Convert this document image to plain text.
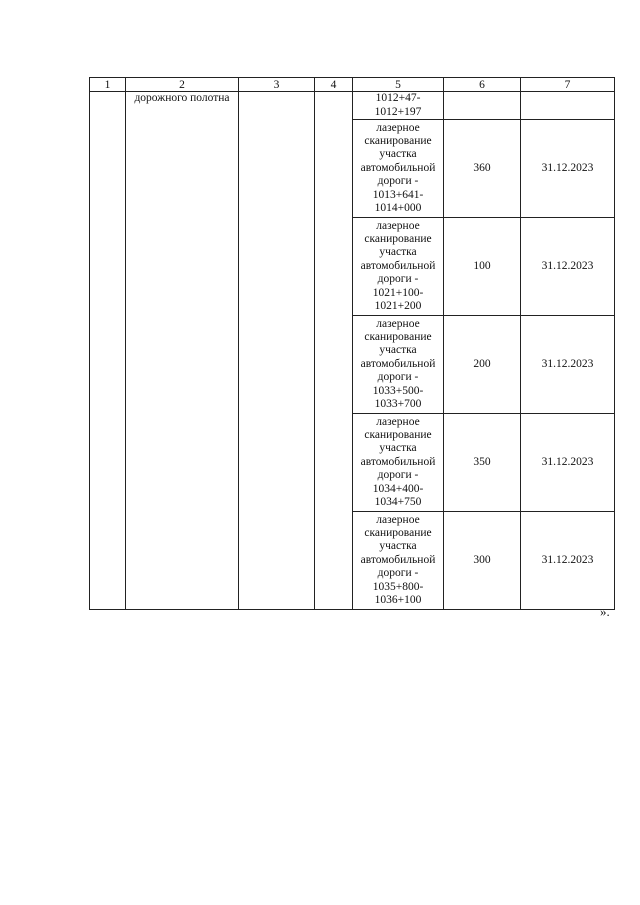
1	2	3	4	5	6	7
	дорожного полотна			1012+47-1012+197		
				лазерное сканирование участка автомобильной дороги - 1013+641-1014+000	360	31.12.2023
				лазерное сканирование участка автомобильной дороги - 1021+100-1021+200	100	31.12.2023
				лазерное сканирование участка автомобильной дороги - 1033+500-1033+700	200	31.12.2023
				лазерное сканирование участка автомобильной дороги - 1034+400-1034+750	350	31.12.2023
				лазерное сканирование участка автомобильной дороги - 1035+800-1036+100	300	31.12.2023
».
